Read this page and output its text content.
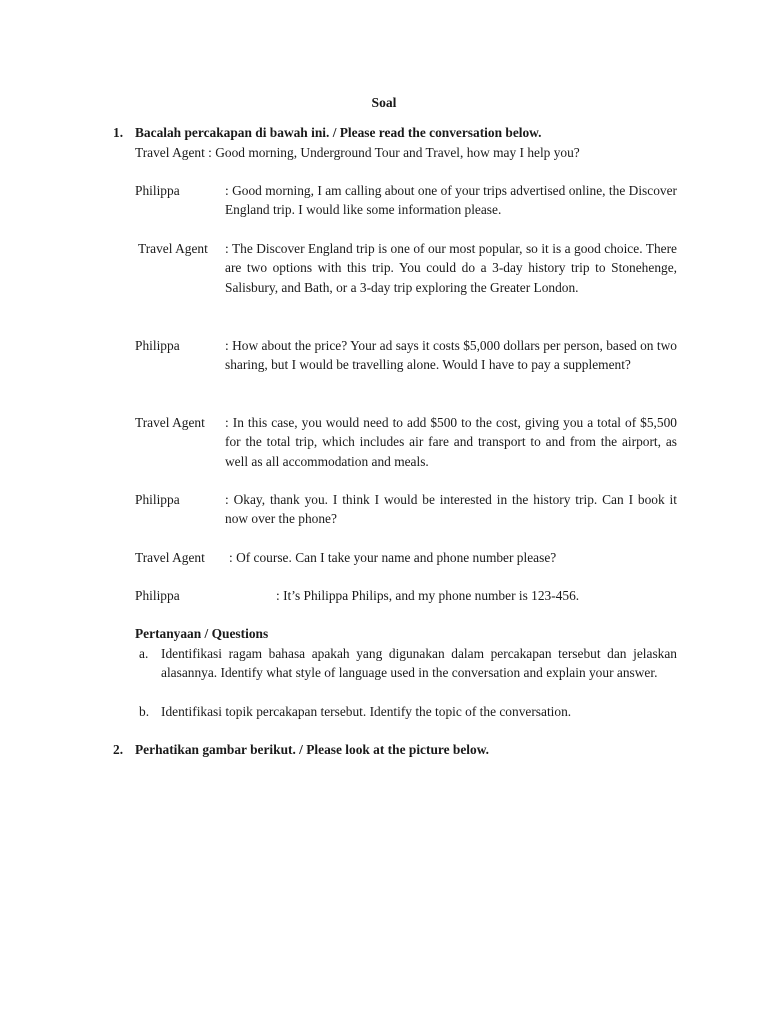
Soal
1. Bacalah percakapan di bawah ini. / Please read the conversation below.
Travel Agent : Good morning, Underground Tour and Travel, how may I help you?
Philippa	: Good morning, I am calling about one of your trips advertised online, the Discover England trip. I would like some information please.
Travel Agent : The Discover England trip is one of our most popular, so it is a good choice. There are two options with this trip. You could do a 3-day history trip to Stonehenge, Salisbury, and Bath, or a 3-day trip exploring the Greater London.
Philippa	: How about the price? Your ad says it costs $5,000 dollars per person, based on two sharing, but I would be travelling alone. Would I have to pay a supplement?
Travel Agent : In this case, you would need to add $500 to the cost, giving you a total of $5,500 for the total trip, which includes air fare and transport to and from the airport, as well as all accommodation and meals.
Philippa	: Okay, thank you. I think I would be interested in the history trip. Can I book it now over the phone?
Travel Agent : Of course. Can I take your name and phone number please?
Philippa	: It’s Philippa Philips, and my phone number is 123-456.
Pertanyaan / Questions
a. Identifikasi ragam bahasa apakah yang digunakan dalam percakapan tersebut dan jelaskan alasannya. Identify what style of language used in the conversation and explain your answer.
b. Identifikasi topik percakapan tersebut. Identify the topic of the conversation.
2. Perhatikan gambar berikut. / Please look at the picture below.
